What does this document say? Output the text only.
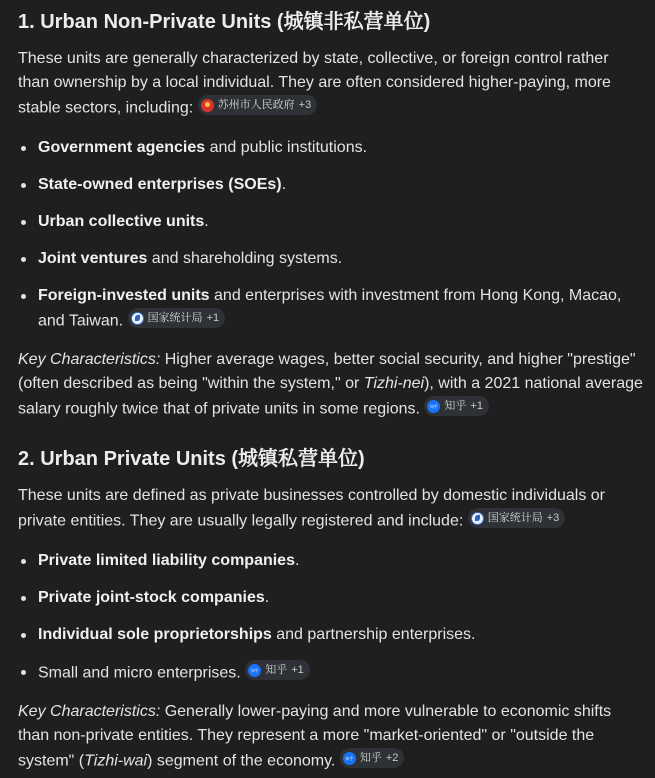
1. Urban Non-Private Units (城镇非私营单位)

These units are generally characterized by state, collective, or foreign control rather than ownership by a local individual. They are often considered higher-paying, more stable sectors, including: 苏州市人民政府 +3

Government agencies and public institutions.
State-owned enterprises (SOEs).
Urban collective units.
Joint ventures and shareholding systems.
Foreign-invested units and enterprises with investment from Hong Kong, Macao, and Taiwan. 国家统计局 +1

Key Characteristics: Higher average wages, better social security, and higher "prestige" (often described as being "within the system," or Tizhi-nei), with a 2021 national average salary roughly twice that of private units in some regions. 知乎 知乎 +1

2. Urban Private Units (城镇私营单位)

These units are defined as private businesses controlled by domestic individuals or private entities. They are usually legally registered and include: 国家统计局 +3

Private limited liability companies.
Private joint-stock companies.
Individual sole proprietorships and partnership enterprises.
Small and micro enterprises. 知乎 知乎 +1

Key Characteristics: Generally lower-paying and more vulnerable to economic shifts than non-private entities. They represent a more "market-oriented" or "outside the system" (Tizhi-wai) segment of the economy. 知乎 知乎 +2
